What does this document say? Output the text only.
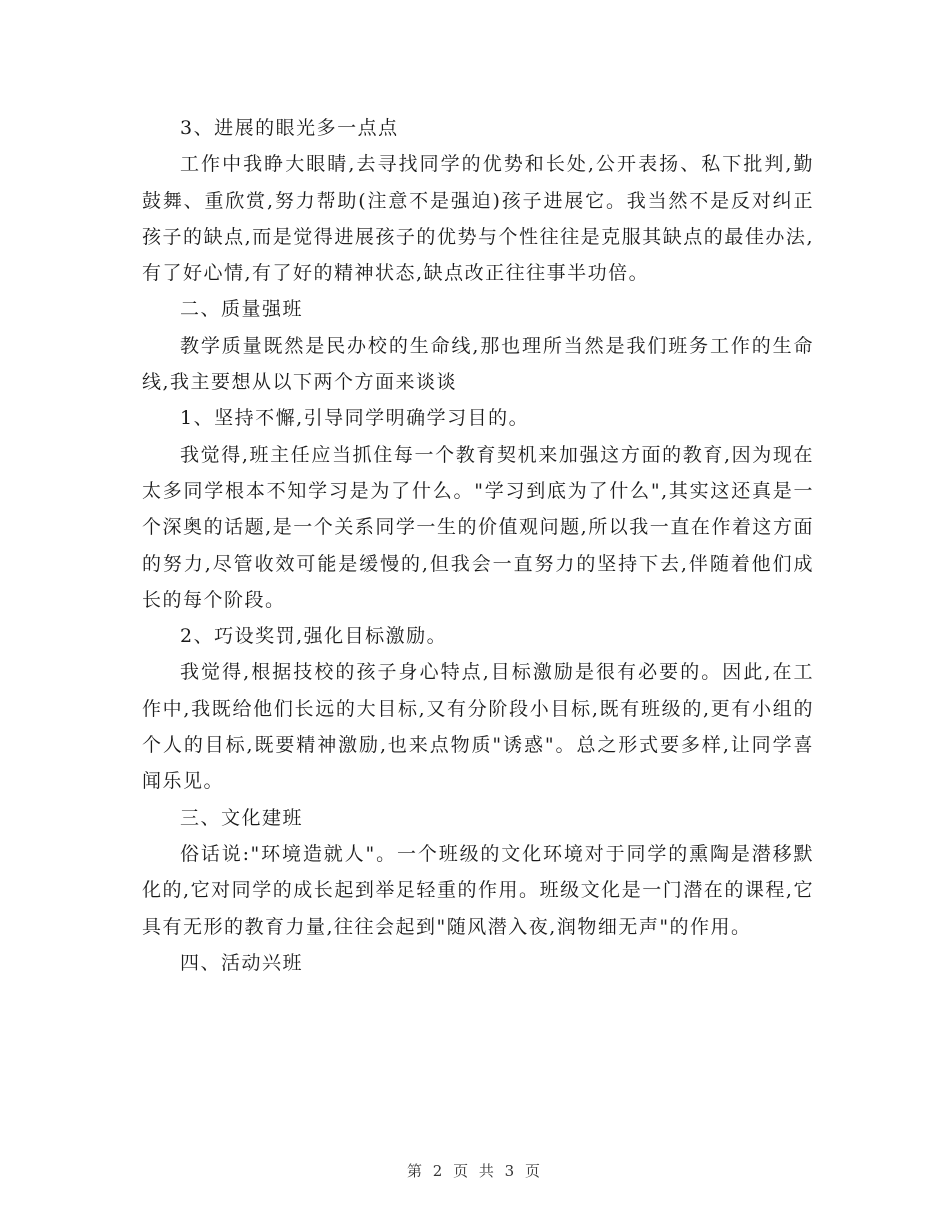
3、进展的眼光多一点点

工作中我睁大眼睛,去寻找同学的优势和长处,公开表扬、私下批判,勤鼓舞、重欣赏,努力帮助(注意不是强迫)孩子进展它。我当然不是反对纠正孩子的缺点,而是觉得进展孩子的优势与个性往往是克服其缺点的最佳办法,有了好心情,有了好的精神状态,缺点改正往往事半功倍。

二、质量强班

教学质量既然是民办校的生命线,那也理所当然是我们班务工作的生命线,我主要想从以下两个方面来谈谈

1、坚持不懈,引导同学明确学习目的。

我觉得,班主任应当抓住每一个教育契机来加强这方面的教育,因为现在太多同学根本不知学习是为了什么。"学习到底为了什么",其实这还真是一个深奥的话题,是一个关系同学一生的价值观问题,所以我一直在作着这方面的努力,尽管收效可能是缓慢的,但我会一直努力的坚持下去,伴随着他们成长的每个阶段。

2、巧设奖罚,强化目标激励。

我觉得,根据技校的孩子身心特点,目标激励是很有必要的。因此,在工作中,我既给他们长远的大目标,又有分阶段小目标,既有班级的,更有小组的个人的目标,既要精神激励,也来点物质"诱惑"。总之形式要多样,让同学喜闻乐见。

三、文化建班

俗话说:"环境造就人"。一个班级的文化环境对于同学的熏陶是潜移默化的,它对同学的成长起到举足轻重的作用。班级文化是一门潜在的课程,它具有无形的教育力量,往往会起到"随风潜入夜,润物细无声"的作用。

四、活动兴班

第 2 页 共 3 页
